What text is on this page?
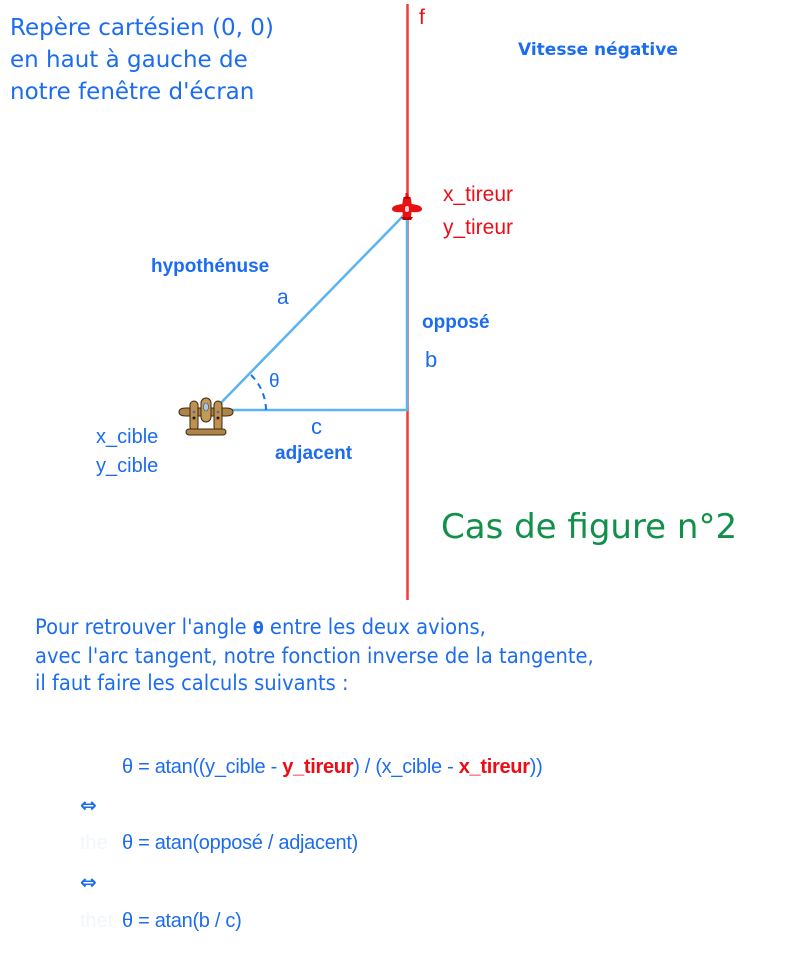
Repère cartésien (0, 0)
en haut à gauche de
notre fenêtre d'écran
f
Vitesse négative
x_tireur
y_tireur
hypothénuse
a
opposé
b
θ
c
adjacent
x_cible
y_cible
Cas de figure n°2
Pour retrouver l'angle θ entre les deux avions,
avec l'arc tangent, notre fonction inverse de la tangente,
il faut faire les calculs suivants :
θ = atan((y_cible - y_tireur) / (x_cible - x_tireur))
⇔
the θ = atan(opposé / adjacent)
⇔
thet θ = atan(b / c)
